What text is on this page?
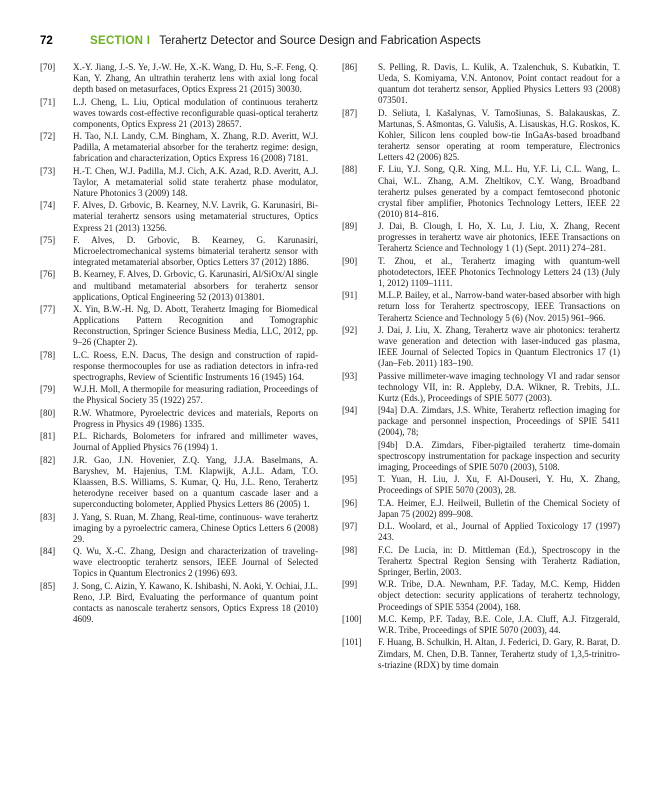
72	SECTION I Terahertz Detector and Source Design and Fabrication Aspects
[70] X.-Y. Jiang, J.-S. Ye, J.-W. He, X.-K. Wang, D. Hu, S.-F. Feng, Q. Kan, Y. Zhang, An ultrathin terahertz lens with axial long focal depth based on metasurfaces, Optics Express 21 (2015) 30030.
[71] L.J. Cheng, L. Liu, Optical modulation of continuous terahertz waves towards cost-effective reconfigurable quasi-optical terahertz components, Optics Express 21 (2013) 28657.
[72] H. Tao, N.I. Landy, C.M. Bingham, X. Zhang, R.D. Averitt, W.J. Padilla, A metamaterial absorber for the terahertz regime: design, fabrication and characterization, Optics Express 16 (2008) 7181.
[73] H.-T. Chen, W.J. Padilla, M.J. Cich, A.K. Azad, R.D. Averitt, A.J. Taylor, A metamaterial solid state terahertz phase modulator, Nature Photonics 3 (2009) 148.
[74] F. Alves, D. Grbovic, B. Kearney, N.V. Lavrik, G. Karunasiri, Bi-material terahertz sensors using metamaterial structures, Optics Express 21 (2013) 13256.
[75] F. Alves, D. Grbovic, B. Kearney, G. Karunasiri, Microelectromechanical systems bimaterial terahertz sensor with integrated metamaterial absorber, Optics Letters 37 (2012) 1886.
[76] B. Kearney, F. Alves, D. Grbovic, G. Karunasiri, Al/SiOx/Al single and multiband metamaterial absorbers for terahertz sensor applications, Optical Engineering 52 (2013) 013801.
[77] X. Yin, B.W.-H. Ng, D. Abott, Terahertz Imaging for Biomedical Applications Pattern Recognition and Tomographic Reconstruction, Springer Science Business Media, LLC, 2012, pp. 9–26 (Chapter 2).
[78] L.C. Roess, E.N. Dacus, The design and construction of rapid-response thermocouples for use as radiation detectors in infra-red spectrographs, Review of Scientific Instruments 16 (1945) 164.
[79] W.J.H. Moll, A thermopile for measuring radiation, Proceedings of the Physical Society 35 (1922) 257.
[80] R.W. Whatmore, Pyroelectric devices and materials, Reports on Progress in Physics 49 (1986) 1335.
[81] P.L. Richards, Bolometers for infrared and millimeter waves, Journal of Applied Physics 76 (1994) 1.
[82] J.R. Gao, J.N. Hovenier, Z.Q. Yang, J.J.A. Baselmans, A. Baryshev, M. Hajenius, T.M. Klapwijk, A.J.L. Adam, T.O. Klaassen, B.S. Williams, S. Kumar, Q. Hu, J.L. Reno, Terahertz heterodyne receiver based on a quantum cascade laser and a superconducting bolometer, Applied Physics Letters 86 (2005) 1.
[83] J. Yang, S. Ruan, M. Zhang, Real-time, continuous- wave terahertz imaging by a pyroelectric camera, Chinese Optics Letters 6 (2008) 29.
[84] Q. Wu, X.-C. Zhang, Design and characterization of traveling-wave electrooptic terahertz sensors, IEEE Journal of Selected Topics in Quantum Electronics 2 (1996) 693.
[85] J. Song, C. Aizin, Y. Kawano, K. Ishibashi, N. Aoki, Y. Ochiai, J.L. Reno, J.P. Bird, Evaluating the performance of quantum point contacts as nanoscale terahertz sensors, Optics Express 18 (2010) 4609.
[86] S. Pelling, R. Davis, L. Kulik, A. Tzalenchuk, S. Kubatkin, T. Ueda, S. Komiyama, V.N. Antonov, Point contact readout for a quantum dot terahertz sensor, Applied Physics Letters 93 (2008) 073501.
[87] D. Seliuta, I. Kašalynas, V. Tamošiunas, S. Balakauskas, Z. Martunas, S. Ašmontas, G. Valušis, A. Lisauskas, H.G. Roskos, K. Kohler, Silicon lens coupled bow-tie InGaAs-based broadband terahertz sensor operating at room temperature, Electronics Letters 42 (2006) 825.
[88] F. Liu, Y.J. Song, Q.R. Xing, M.L. Hu, Y.F. Li, C.L. Wang, L. Chai, W.L. Zhang, A.M. Zheltikov, C.Y. Wang, Broadband terahertz pulses generated by a compact femtosecond photonic crystal fiber amplifier, Photonics Technology Letters, IEEE 22 (2010) 814–816.
[89] J. Dai, B. Clough, I. Ho, X. Lu, J. Liu, X. Zhang, Recent progresses in terahertz wave air photonics, IEEE Transactions on Terahertz Science and Technology 1 (1) (Sept. 2011) 274–281.
[90] T. Zhou, et al., Terahertz imaging with quantum-well photodetectors, IEEE Photonics Technology Letters 24 (13) (July 1, 2012) 1109–1111.
[91] M.L.P. Bailey, et al., Narrow-band water-based absorber with high return loss for Terahertz spectroscopy, IEEE Transactions on Terahertz Science and Technology 5 (6) (Nov. 2015) 961–966.
[92] J. Dai, J. Liu, X. Zhang, Terahertz wave air photonics: terahertz wave generation and detection with laser-induced gas plasma, IEEE Journal of Selected Topics in Quantum Electronics 17 (1) (Jan–Feb. 2011) 183–190.
[93] Passive millimeter-wave imaging technology VI and radar sensor technology VII, in: R. Appleby, D.A. Wikner, R. Trebits, J.L. Kurtz (Eds.), Proceedings of SPIE 5077 (2003).
[94] [94a] D.A. Zimdars, J.S. White, Terahertz reflection imaging for package and personnel inspection, Proceedings of SPIE 5411 (2004), 78;
[94b] D.A. Zimdars, Fiber-pigtailed terahertz time-domain spectroscopy instrumentation for package inspection and security imaging, Proceedings of SPIE 5070 (2003), 5108.
[95] T. Yuan, H. Liu, J. Xu, F. Al-Douseri, Y. Hu, X. Zhang, Proceedings of SPIE 5070 (2003), 28.
[96] T.A. Heimer, E.J. Heilweil, Bulletin of the Chemical Society of Japan 75 (2002) 899–908.
[97] D.L. Woolard, et al., Journal of Applied Toxicology 17 (1997) 243.
[98] F.C. De Lucia, in: D. Mittleman (Ed.), Spectroscopy in the Terahertz Spectral Region Sensing with Terahertz Radiation, Springer, Berlin, 2003.
[99] W.R. Tribe, D.A. Newnham, P.F. Taday, M.C. Kemp, Hidden object detection: security applications of terahertz technology, Proceedings of SPIE 5354 (2004), 168.
[100] M.C. Kemp, P.F. Taday, B.E. Cole, J.A. Cluff, A.J. Fitzgerald, W.R. Tribe, Proceedings of SPIE 5070 (2003), 44.
[101] F. Huang, B. Schulkin, H. Altan, J. Federici, D. Gary, R. Barat, D. Zimdars, M. Chen, D.B. Tanner, Terahertz study of 1,3,5-trinitro-s-triazine (RDX) by time domain
